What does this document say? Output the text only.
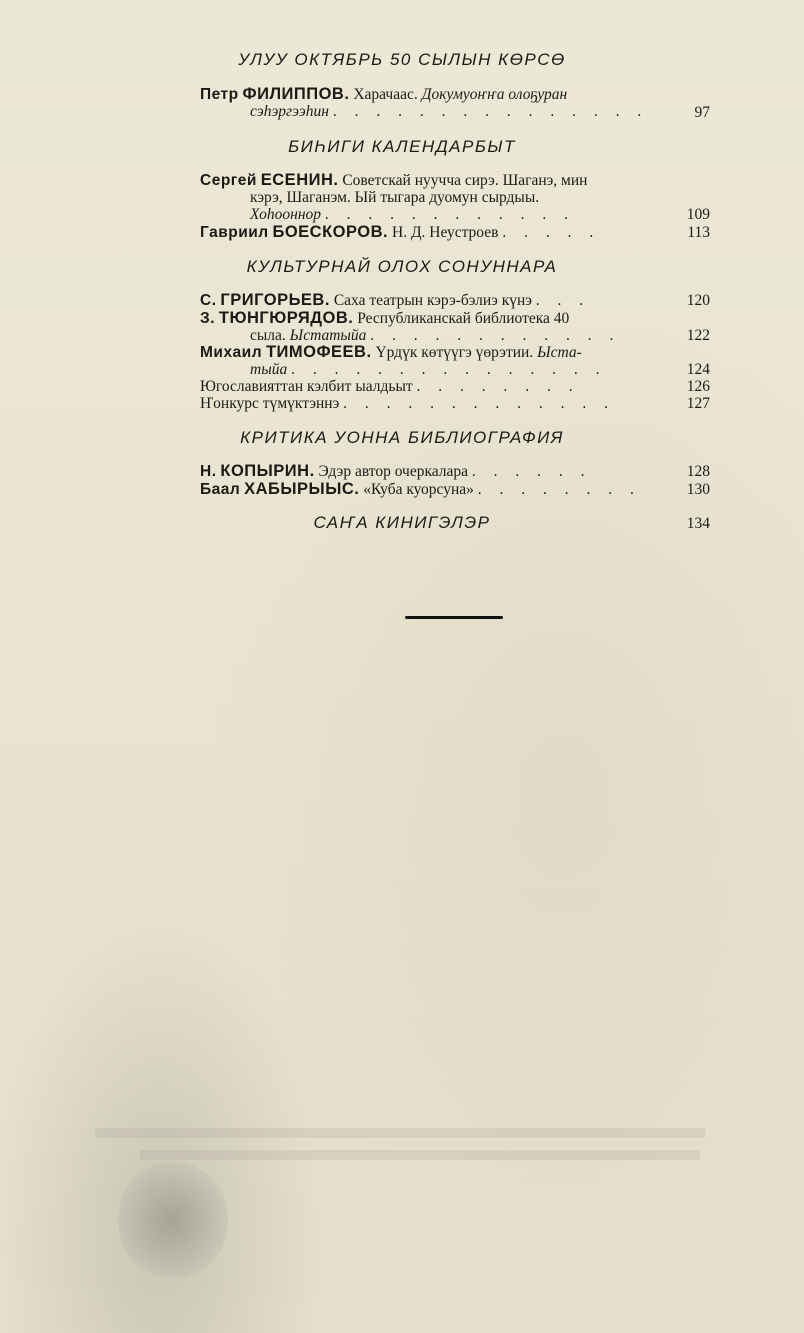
УЛУУ ОКТЯБРЬ 50 СЫЛЫН КӨРСӨ
Петр ФИЛИППОВ. Харачаас. Докумуоҥҥа олоҕуран
сэһэргээһин . . . . . . . . . . . . . . .	97
БИҺИГИ КАЛЕНДАРБЫТ
Сергей ЕСЕНИН. Советскай нууччa сирэ. Шаганэ, мин
кэрэ, Шаганэм. Ый тыгара дуомун сырдыы.
Хоһооннор . . . . . . . . . . . .	109
Гавриил БОЕСКОРОВ. Н. Д. Неустроев . . . . .	113
КУЛЬТУРНАЙ ОЛОХ СОНУННАРА
С. ГРИГОРЬЕВ. Саха театрын кэрэ-бэлиэ күнэ . . .	120
З. ТЮНГЮРЯДОВ. Республиканскай библиотека 40
сыла. Ыстатыйа . . . . . . . . . . . .	122
Михаил ТИМОФЕЕВ. Үрдүк көтүүгэ үөрэтии. Ыста-
тыйа . . . . . . . . . . . . . . .	124
Югославияттан кэлбит ыалдьыт . . . . . . . .	126
Ҥонкурс түмүктэннэ . . . . . . . . . . . . .	127
КРИТИКА УОННА БИБЛИОГРАФИЯ
Н. КОПЫРИН. Эдэр автор очеркалара . . . . . .	128
Баал ХАБЫРЫЫС. «Куба куорсуна» . . . . . . . .	130
САҤА КИНИГЭЛЭР	134
